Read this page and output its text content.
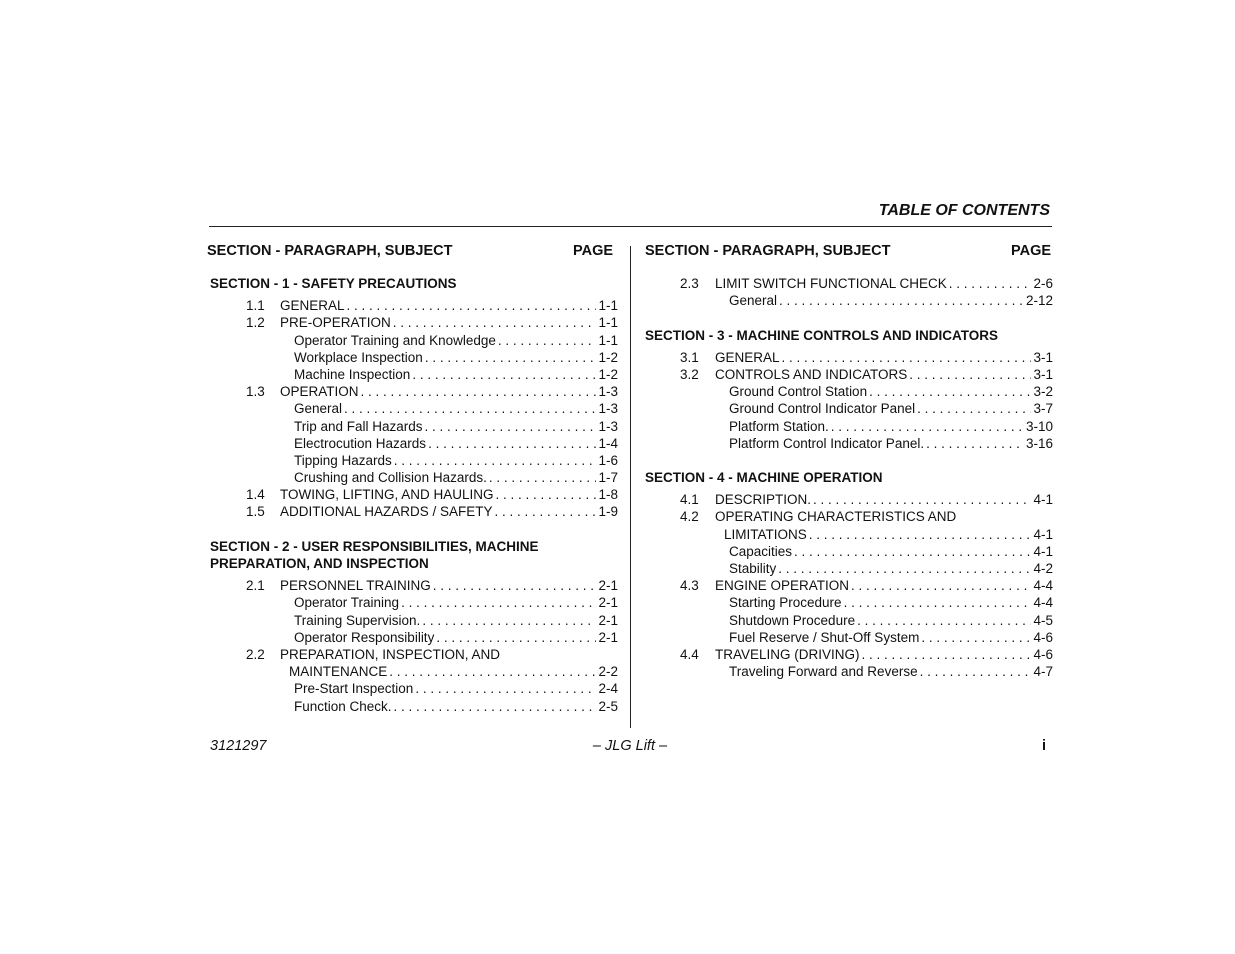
TABLE OF CONTENTS
SECTION - PARAGRAPH, SUBJECT	PAGE SECTION - PARAGRAPH, SUBJECT	PAGE
SECTION - 1 - SAFETY PRECAUTIONS
1.1 GENERAL . . .	1-1
1.2 PRE-OPERATION . . .	1-1
Operator Training and Knowledge . . .	1-1
Workplace Inspection . . .	1-2
Machine Inspection . . .	1-2
1.3 OPERATION . . .	1-3
General . . .	1-3
Trip and Fall Hazards . . .	1-3
Electrocution Hazards . . .	1-4
Tipping Hazards . . .	1-6
Crushing and Collision Hazards. . . .	1-7
1.4 TOWING, LIFTING, AND HAULING . . .	1-8
1.5 ADDITIONAL HAZARDS / SAFETY . . .	1-9
SECTION - 2 - USER RESPONSIBILITIES, MACHINE
PREPARATION, AND INSPECTION
2.1 PERSONNEL TRAINING . . .	2-1
Operator Training . . .	2-1
Training Supervision. . . .	2-1
Operator Responsibility . . .	2-1
2.2 PREPARATION, INSPECTION, AND
MAINTENANCE . . .	2-2
Pre-Start Inspection . . .	2-4
Function Check. . . .	2-5
2.3 LIMIT SWITCH FUNCTIONAL CHECK . . .	2-6
General . . .	2-12
SECTION - 3 - MACHINE CONTROLS AND INDICATORS
3.1 GENERAL . . .	3-1
3.2 CONTROLS AND INDICATORS . . .	3-1
Ground Control Station . . .	3-2
Ground Control Indicator Panel . . .	3-7
Platform Station. . . .	3-10
Platform Control Indicator Panel. . . .	3-16
SECTION - 4 - MACHINE OPERATION
4.1 DESCRIPTION. . . .	4-1
4.2 OPERATING CHARACTERISTICS AND
LIMITATIONS . . .	4-1
Capacities . . .	4-1
Stability . . .	4-2
4.3 ENGINE OPERATION . . .	4-4
Starting Procedure . . .	4-4
Shutdown Procedure . . .	4-5
Fuel Reserve / Shut-Off System . . .	4-6
4.4 TRAVELING (DRIVING) . . .	4-6
Traveling Forward and Reverse . . .	4-7
3121297	– JLG Lift –	i
